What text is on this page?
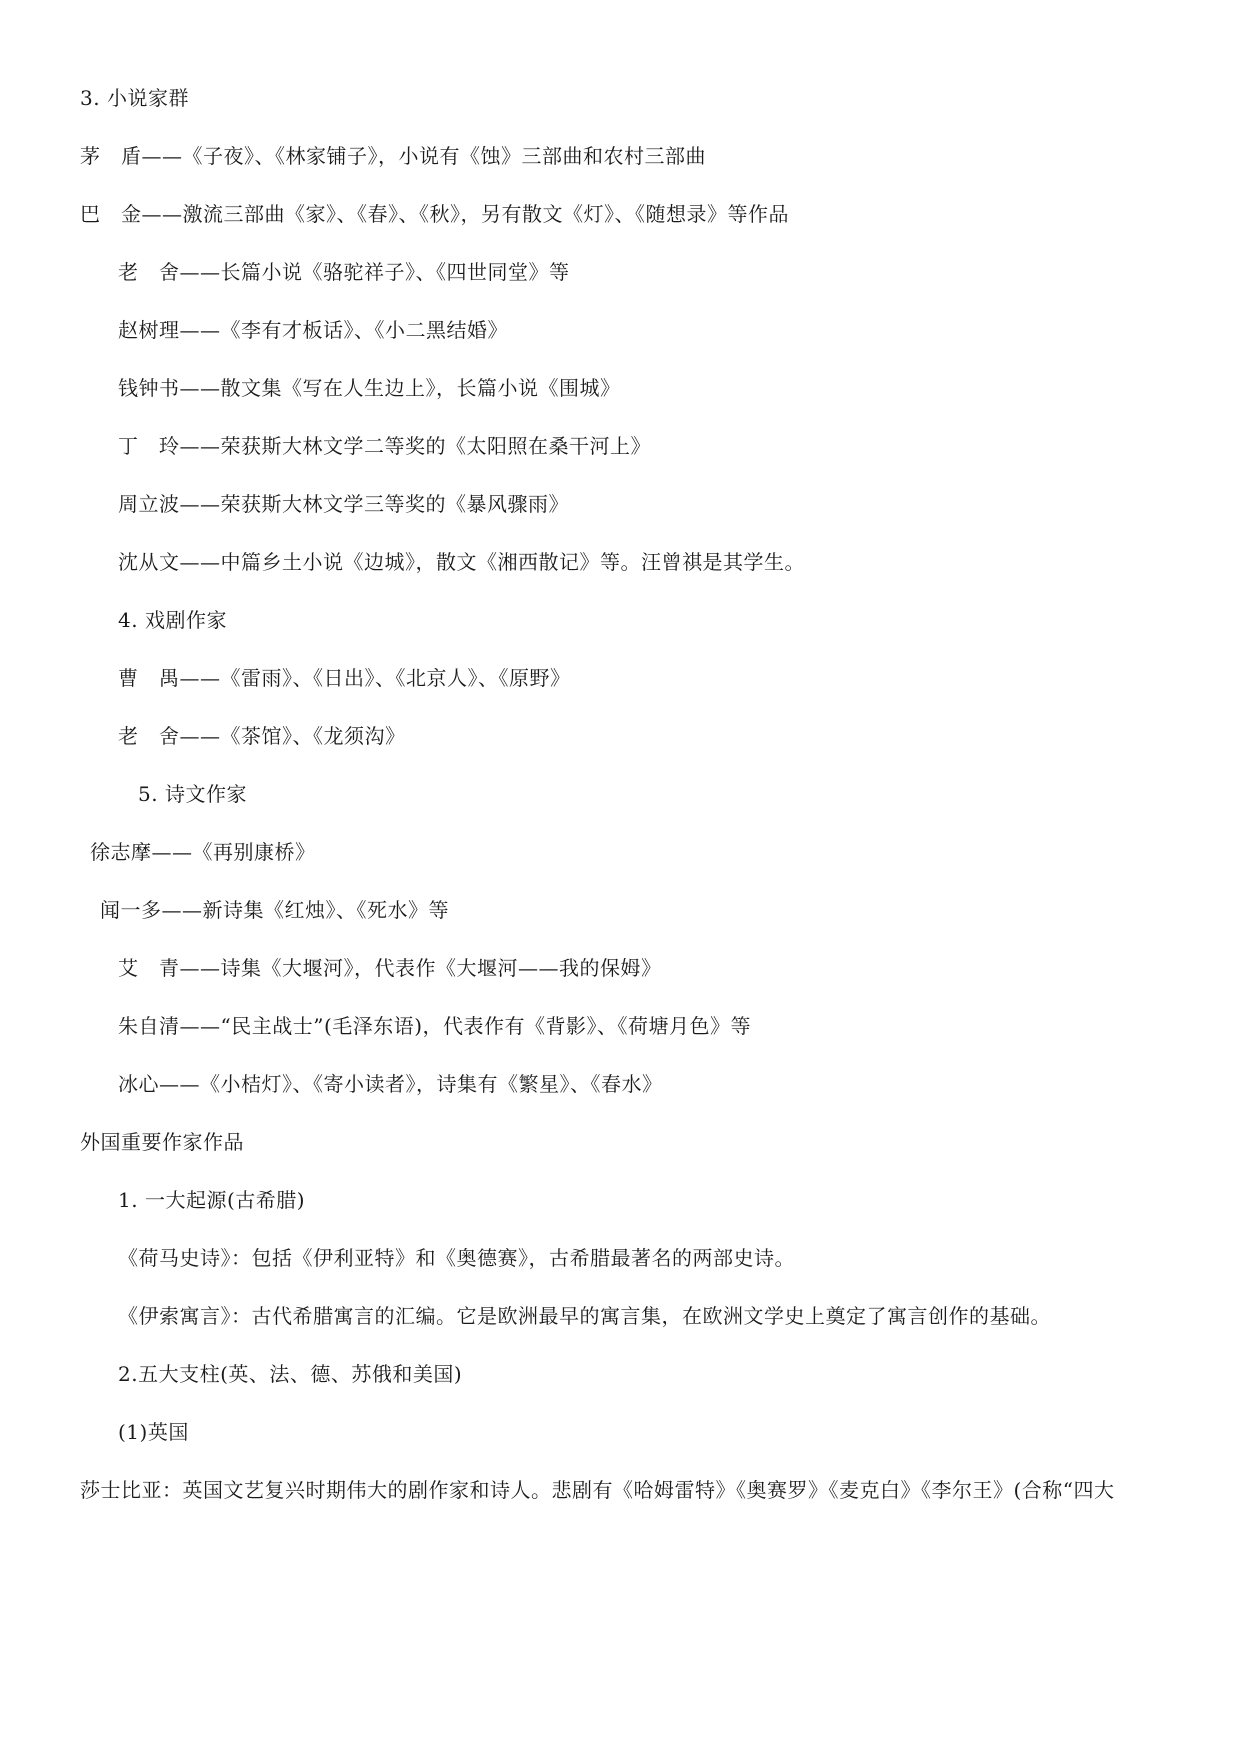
3. 小说家群
茅　盾——《子夜》、《林家铺子》，小说有《蚀》三部曲和农村三部曲
巴　金——激流三部曲《家》、《春》、《秋》，另有散文《灯》、《随想录》等作品
老　舍——长篇小说《骆驼祥子》、《四世同堂》等
赵树理——《李有才板话》、《小二黑结婚》
钱钟书——散文集《写在人生边上》，长篇小说《围城》
丁　玲——荣获斯大林文学二等奖的《太阳照在桑干河上》
周立波——荣获斯大林文学三等奖的《暴风骤雨》
沈从文——中篇乡土小说《边城》，散文《湘西散记》等。汪曾祺是其学生。
4. 戏剧作家
曹　禺——《雷雨》、《日出》、《北京人》、《原野》
老　舍——《茶馆》、《龙须沟》
5. 诗文作家
徐志摩——《再别康桥》
闻一多——新诗集《红烛》、《死水》等
艾　青——诗集《大堰河》，代表作《大堰河——我的保姆》
朱自清——“民主战士”(毛泽东语)，代表作有《背影》、《荷塘月色》等
冰心——《小桔灯》、《寄小读者》，诗集有《繁星》、《春水》
外国重要作家作品
1. 一大起源(古希腊)
《荷马史诗》：包括《伊利亚特》和《奥德赛》，古希腊最著名的两部史诗。
《伊索寓言》：古代希腊寓言的汇编。它是欧洲最早的寓言集，在欧洲文学史上奠定了寓言创作的基础。
2.五大支柱(英、法、德、苏俄和美国)
(1)英国
莎士比亚：英国文艺复兴时期伟大的剧作家和诗人。悲剧有《哈姆雷特》《奥赛罗》《麦克白》《李尔王》(合称“四大
